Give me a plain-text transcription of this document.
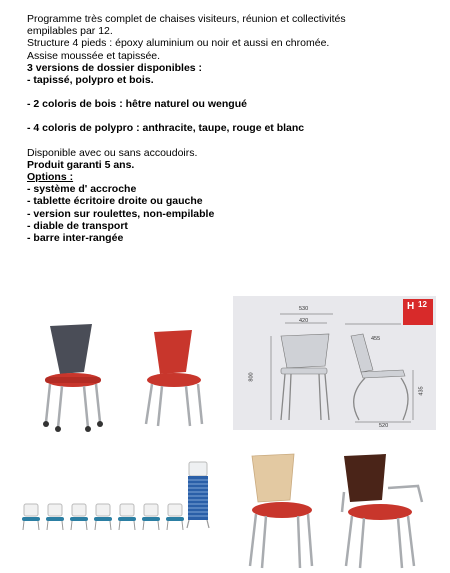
Programme très complet de chaises visiteurs, réunion et collectivités

empilables par 12.

Structure 4 pieds : époxy aluminium ou noir et aussi en chromée.

Assise moussée et tapissée.

3 versions de dossier disponibles :

- tapissé, polypro et bois.

- 2 coloris de bois : hêtre naturel ou wengué

- 4 coloris de polypro : anthracite, taupe, rouge et blanc

Disponible avec ou sans accoudoirs.

Produit garanti 5 ans.

Options :

- système d' accroche

- tablette écritoire droite ou gauche

- version sur roulettes, non-empilable

- diable de transport

- barre inter-rangée

530
420
455
800
435
520
H 12
